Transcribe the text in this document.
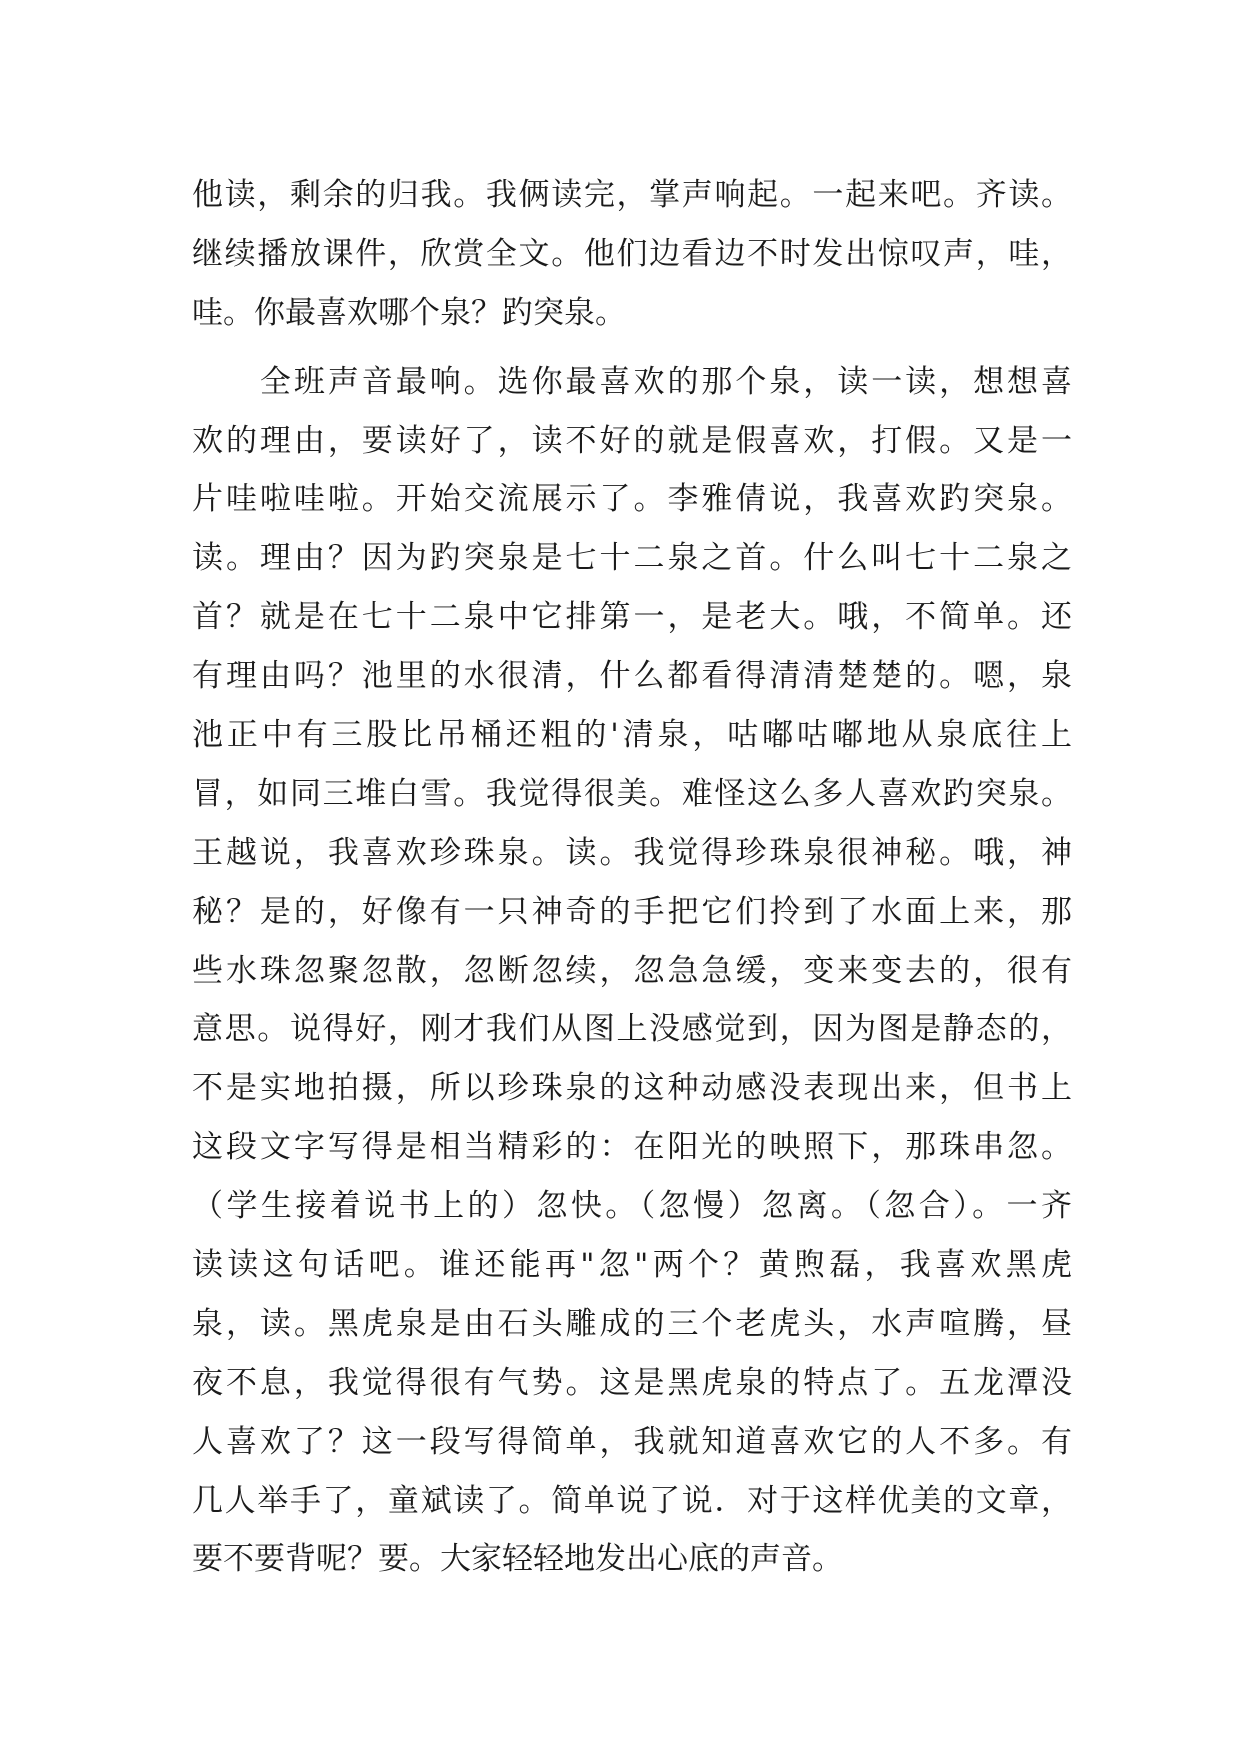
他读，剩余的归我。我俩读完，掌声响起。一起来吧。齐读。
继续播放课件，欣赏全文。他们边看边不时发出惊叹声，哇，
哇。你最喜欢哪个泉？趵突泉。
　　全班声音最响。选你最喜欢的那个泉，读一读，想想喜
欢的理由，要读好了，读不好的就是假喜欢，打假。又是一
片哇啦哇啦。开始交流展示了。李雅倩说，我喜欢趵突泉。
读。理由？因为趵突泉是七十二泉之首。什么叫七十二泉之
首？就是在七十二泉中它排第一，是老大。哦，不简单。还
有理由吗？池里的水很清，什么都看得清清楚楚的。嗯，泉
池正中有三股比吊桶还粗的'清泉，咕嘟咕嘟地从泉底往上
冒，如同三堆白雪。我觉得很美。难怪这么多人喜欢趵突泉。
王越说，我喜欢珍珠泉。读。我觉得珍珠泉很神秘。哦，神
秘？是的，好像有一只神奇的手把它们拎到了水面上来，那
些水珠忽聚忽散，忽断忽续，忽急急缓，变来变去的，很有
意思。说得好，刚才我们从图上没感觉到，因为图是静态的，
不是实地拍摄，所以珍珠泉的这种动感没表现出来，但书上
这段文字写得是相当精彩的：在阳光的映照下，那珠串忽。
（学生接着说书上的）忽快。（忽慢）忽离。（忽合）。一齐
读读这句话吧。谁还能再"忽"两个？黄煦磊，我喜欢黑虎
泉，读。黑虎泉是由石头雕成的三个老虎头，水声喧腾，昼
夜不息，我觉得很有气势。这是黑虎泉的特点了。五龙潭没
人喜欢了？这一段写得简单，我就知道喜欢它的人不多。有
几人举手了，童斌读了。简单说了说．对于这样优美的文章，
要不要背呢？要。大家轻轻地发出心底的声音。
